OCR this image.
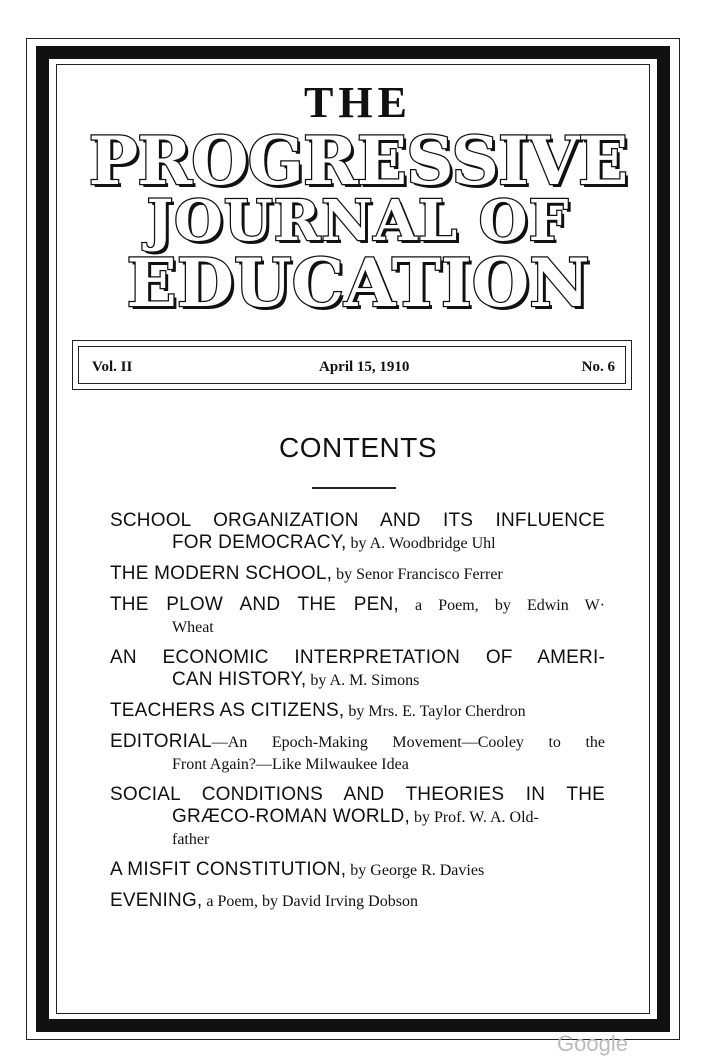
THE
PROGRESSIVE
JOURNAL OF
EDUCATION
Vol. II	April 15, 1910	No. 6
CONTENTS
SCHOOL ORGANIZATION AND ITS INFLUENCE
FOR DEMOCRACY, by A. Woodbridge Uhl
THE MODERN SCHOOL, by Senor Francisco Ferrer
THE PLOW AND THE PEN, a Poem, by Edwin W·
Wheat
AN ECONOMIC INTERPRETATION OF AMERI-
CAN HISTORY, by A. M. Simons
TEACHERS AS CITIZENS, by Mrs. E. Taylor Cherdron
EDITORIAL—An Epoch-Making Movement—Cooley to the
Front Again?—Like Milwaukee Idea
SOCIAL CONDITIONS AND THEORIES IN THE
GRÆCO-ROMAN WORLD, by Prof. W. A. Old-
father
A MISFIT CONSTITUTION, by George R. Davies
EVENING, a Poem, by David Irving Dobson
Google
